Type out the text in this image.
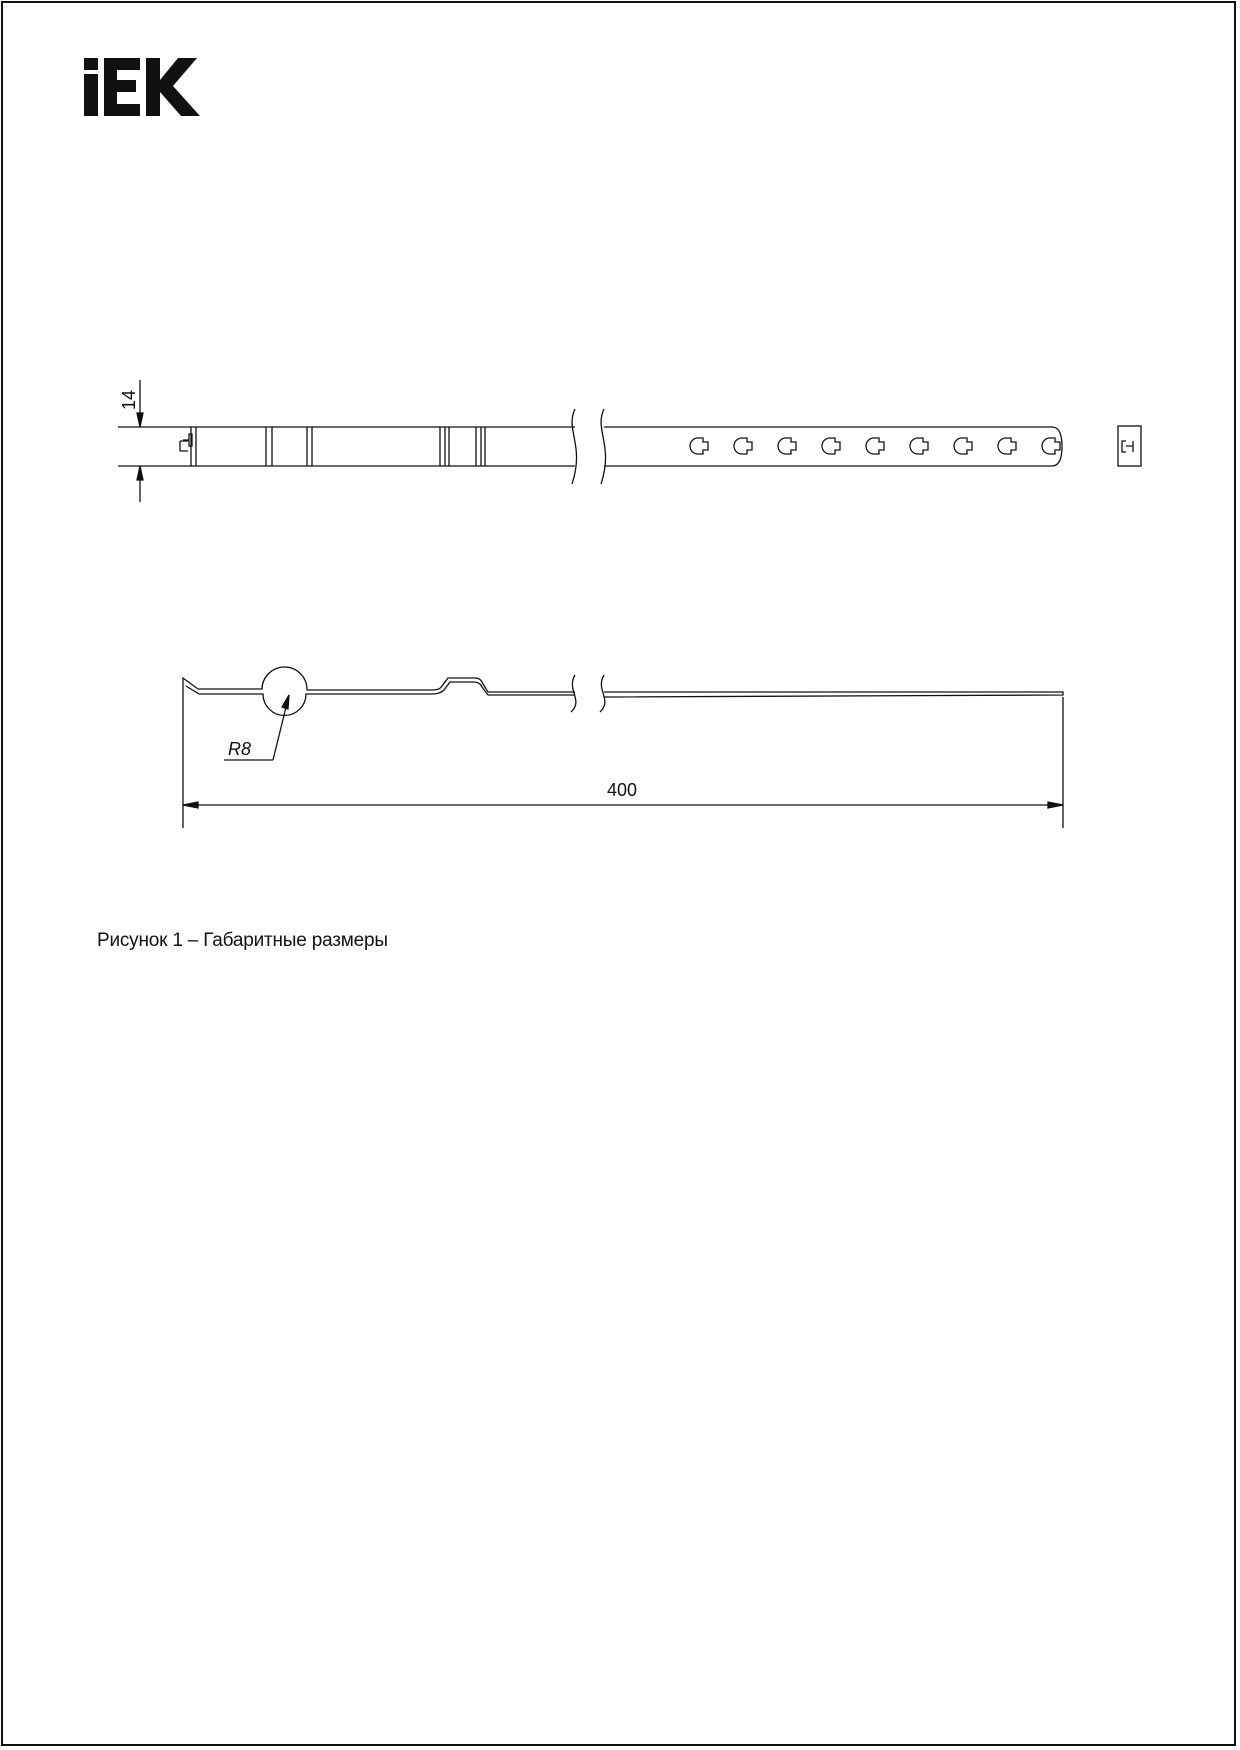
14
R8
400
Рисунок 1 – Габаритные размеры
